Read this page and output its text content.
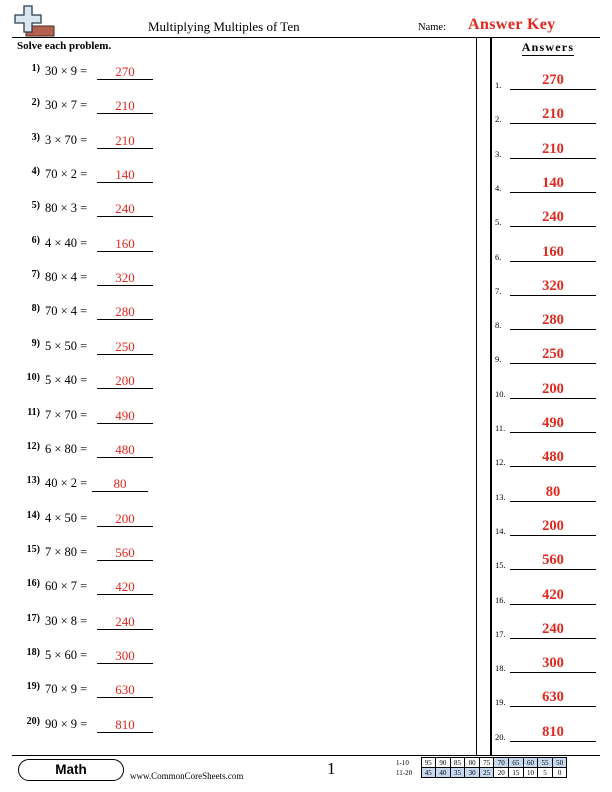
Multiplying Multiples of Ten	Name: Answer Key
Solve each problem.
1) 30 × 9 =	270
2) 30 × 7 =	210
3) 3 × 70 =	210
4) 70 × 2 =	140
5) 80 × 3 =	240
6) 4 × 40 =	160
7) 80 × 4 =	320
8) 70 × 4 =	280
9) 5 × 50 =	250
10) 5 × 40 =	200
11) 7 × 70 =	490
12) 6 × 80 =	480
13) 40 × 2 =	80
14) 4 × 50 =	200
15) 7 × 80 =	560
16) 60 × 7 =	420
17) 30 × 8 =	240
18) 5 × 60 =	300
19) 70 × 9 =	630
20) 90 × 9 =	810
Answers
1.	270
2.	210
3.	210
4.	140
5.	240
6.	160
7.	320
8.	280
9.	250
10.	200
11.	490
12.	480
13.	80
14.	200
15.	560
16.	420
17.	240
18.	300
19.	630
20.	810
Math	www.CommonCoreSheets.com	1	1-10	95	90	85	80	75	70	65	60	55	50
11-20	45	40	35	30	25	20	15	10	5	0
